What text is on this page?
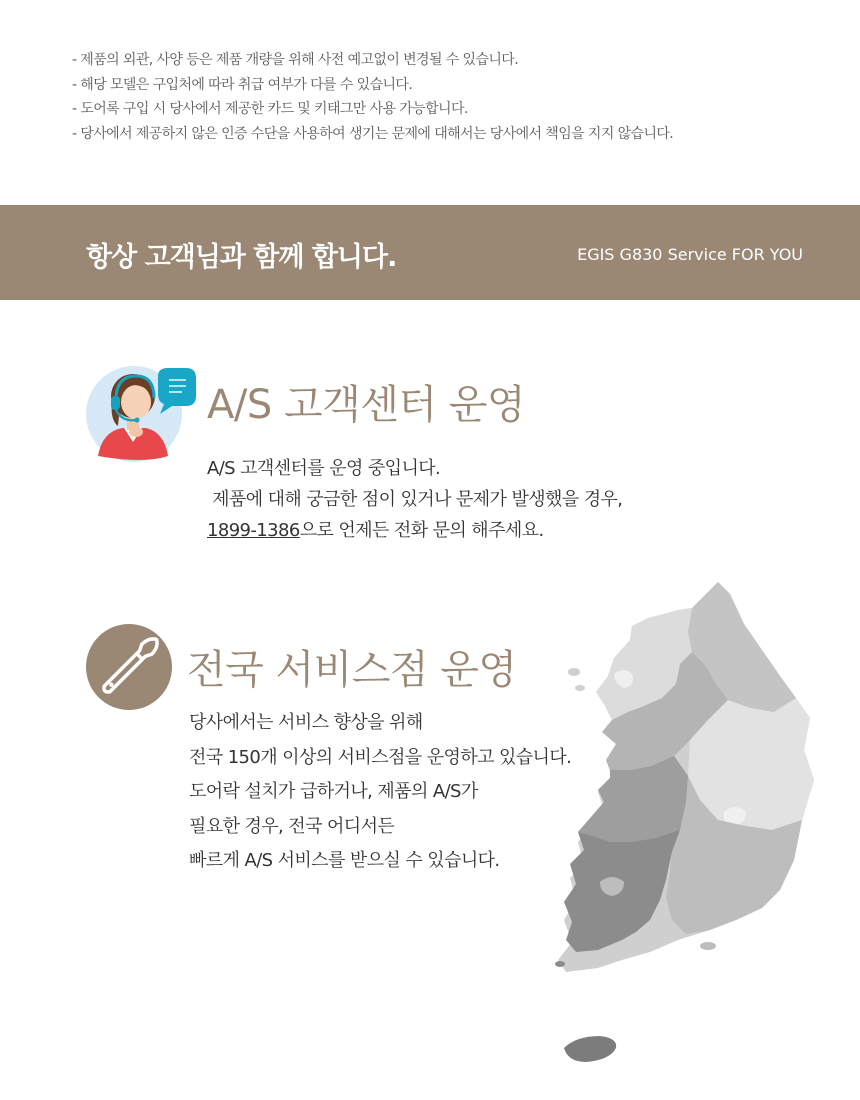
- 제품의 외관, 사양 등은 제품 개량을 위해 사전 예고없이 변경될 수 있습니다.
- 해당 모델은 구입처에 따라 취급 여부가 다를 수 있습니다.
- 도어록 구입 시 당사에서 제공한 카드 및 키태그만 사용 가능합니다.
- 당사에서 제공하지 않은 인증 수단을 사용하여 생기는 문제에 대해서는 당사에서 책임을 지지 않습니다.
항상 고객님과 함께 합니다.	EGIS G830 Service FOR YOU
A/S 고객센터 운영
A/S 고객센터를 운영 중입니다.
제품에 대해 궁금한 점이 있거나 문제가 발생했을 경우,
1899-1386으로 언제든 전화 문의 해주세요.
전국 서비스점 운영
당사에서는 서비스 향상을 위해
전국 150개 이상의 서비스점을 운영하고 있습니다.
도어락 설치가 급하거나, 제품의 A/S가
필요한 경우, 전국 어디서든
빠르게 A/S 서비스를 받으실 수 있습니다.
